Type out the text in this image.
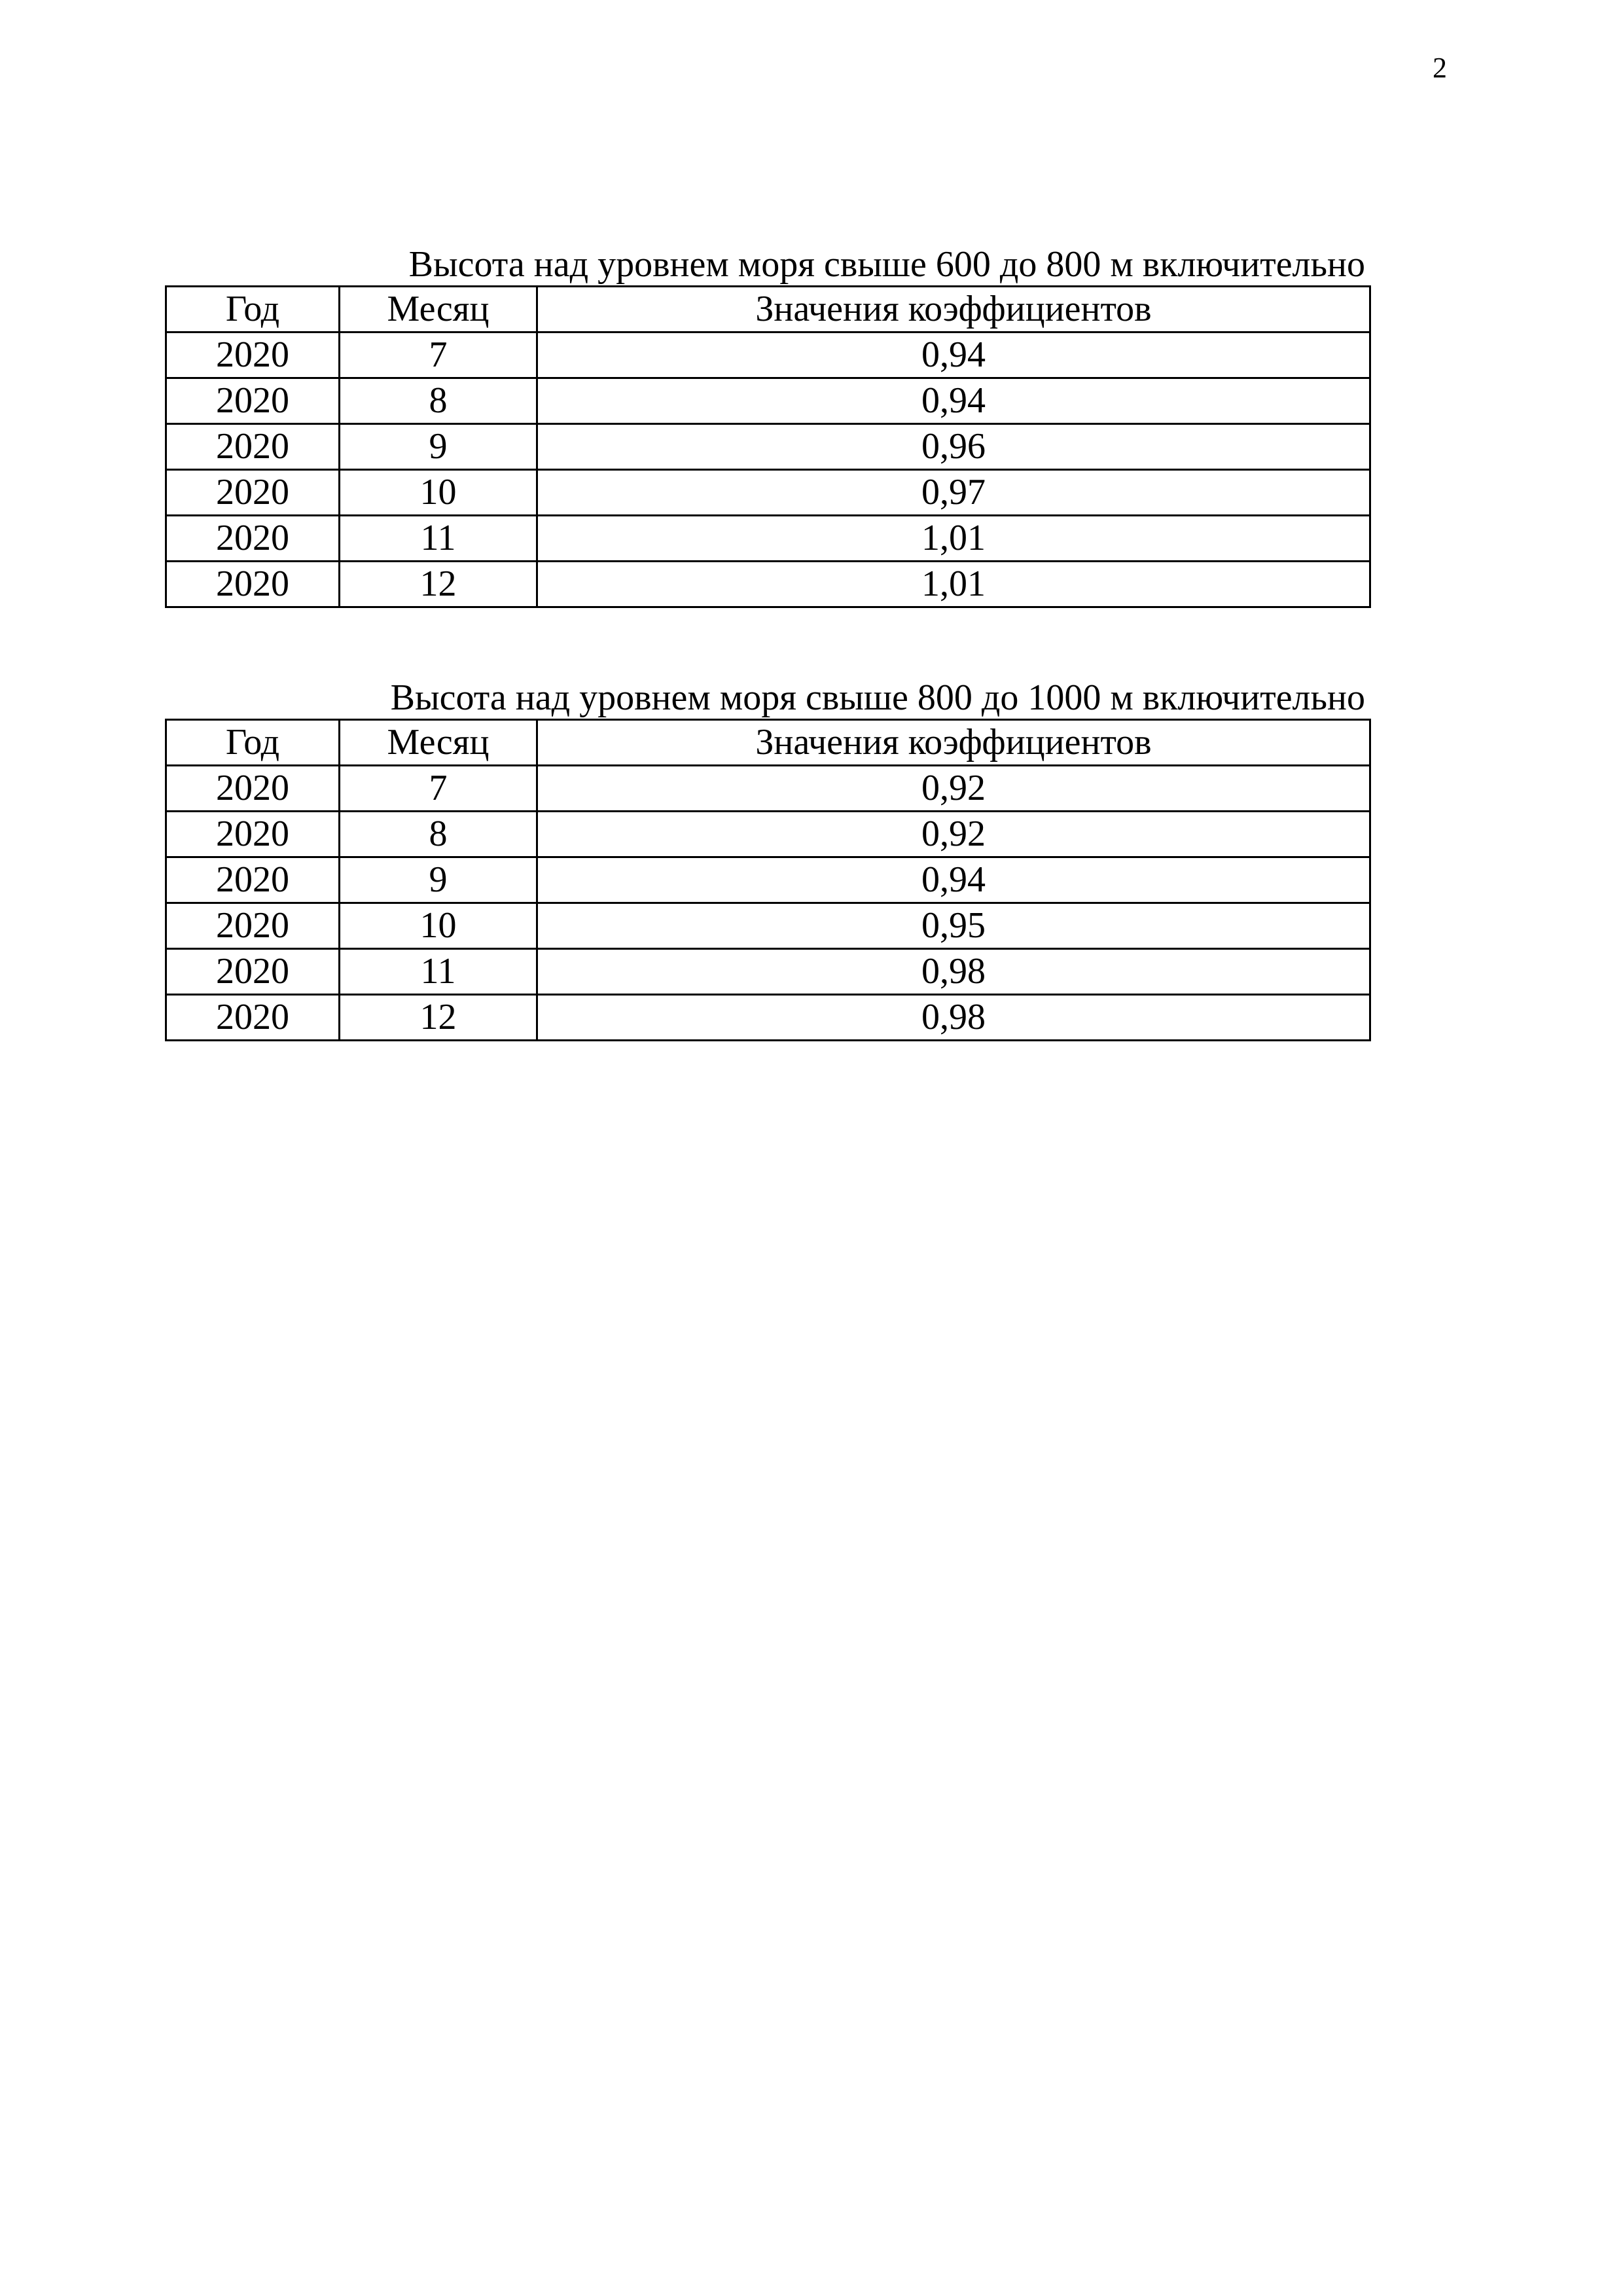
2
Высота над уровнем моря свыше 600 до 800 м включительно
Год	Месяц	Значения коэффициентов
2020	7	0,94
2020	8	0,94
2020	9	0,96
2020	10	0,97
2020	11	1,01
2020	12	1,01
Высота над уровнем моря свыше 800 до 1000 м включительно
Год	Месяц	Значения коэффициентов
2020	7	0,92
2020	8	0,92
2020	9	0,94
2020	10	0,95
2020	11	0,98
2020	12	0,98
